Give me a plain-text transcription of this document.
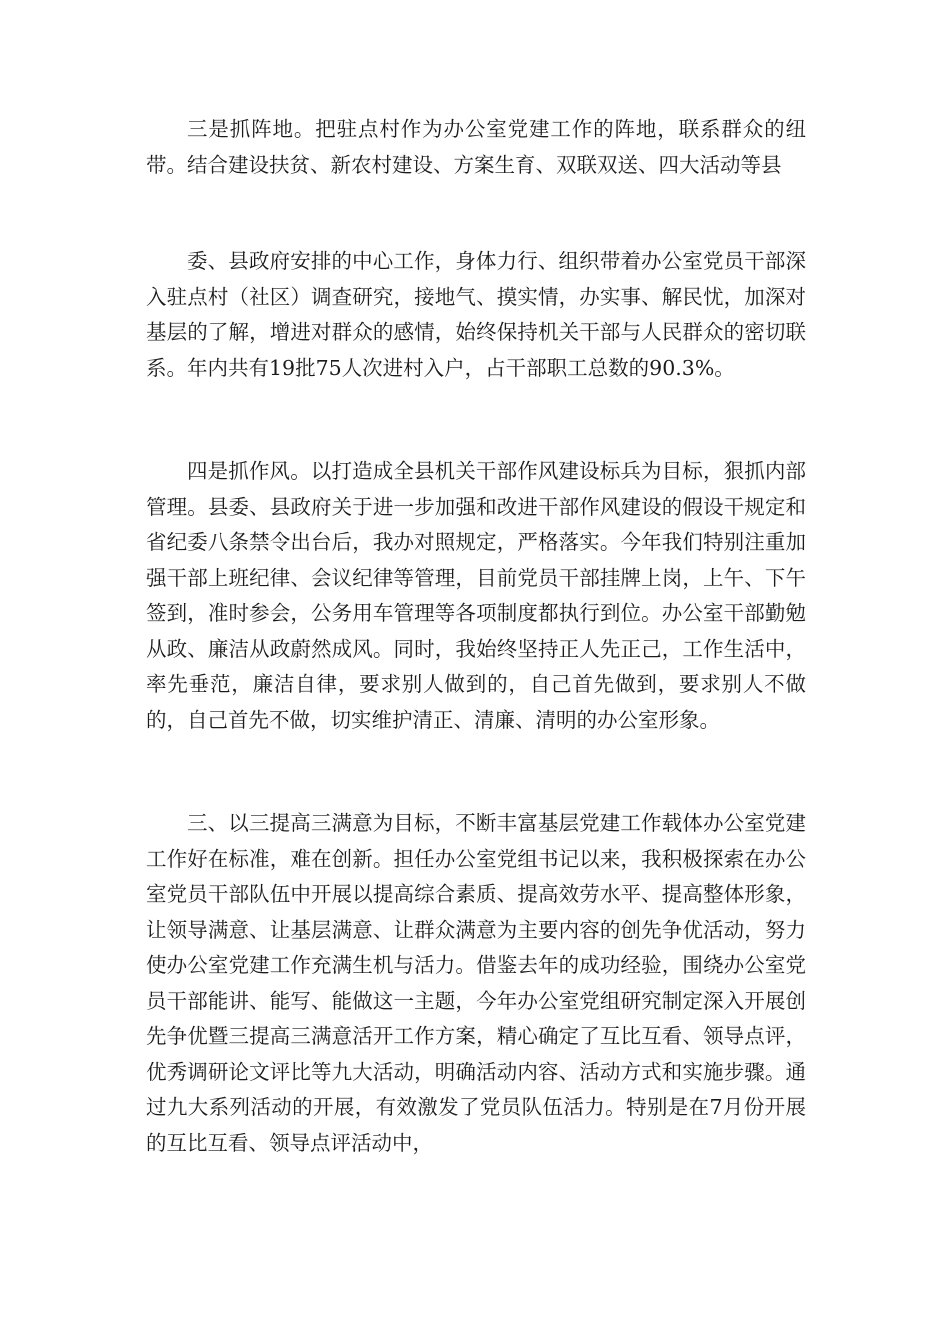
三是抓阵地。把驻点村作为办公室党建工作的阵地，联系群众的纽带。结合建设扶贫、新农村建设、方案生育、双联双送、四大活动等县

委、县政府安排的中心工作，身体力行、组织带着办公室党员干部深入驻点村（社区）调查研究，接地气、摸实情，办实事、解民忧，加深对基层的了解，增进对群众的感情，始终保持机关干部与人民群众的密切联系。年内共有19批75人次进村入户，占干部职工总数的90.3%。

四是抓作风。以打造成全县机关干部作风建设标兵为目标，狠抓内部管理。县委、县政府关于进一步加强和改进干部作风建设的假设干规定和省纪委八条禁令出台后，我办对照规定，严格落实。今年我们特别注重加强干部上班纪律、会议纪律等管理，目前党员干部挂牌上岗，上午、下午签到，准时参会，公务用车管理等各项制度都执行到位。办公室干部勤勉从政、廉洁从政蔚然成风。同时，我始终坚持正人先正己，工作生活中，率先垂范，廉洁自律，要求别人做到的，自己首先做到，要求别人不做的，自己首先不做，切实维护清正、清廉、清明的办公室形象。

三、以三提高三满意为目标，不断丰富基层党建工作载体办公室党建工作好在标准，难在创新。担任办公室党组书记以来，我积极探索在办公室党员干部队伍中开展以提高综合素质、提高效劳水平、提高整体形象，让领导满意、让基层满意、让群众满意为主要内容的创先争优活动，努力使办公室党建工作充满生机与活力。借鉴去年的成功经验，围绕办公室党员干部能讲、能写、能做这一主题，今年办公室党组研究制定深入开展创先争优暨三提高三满意活开工作方案，精心确定了互比互看、领导点评，优秀调研论文评比等九大活动，明确活动内容、活动方式和实施步骤。通过九大系列活动的开展，有效激发了党员队伍活力。特别是在7月份开展的互比互看、领导点评活动中，
